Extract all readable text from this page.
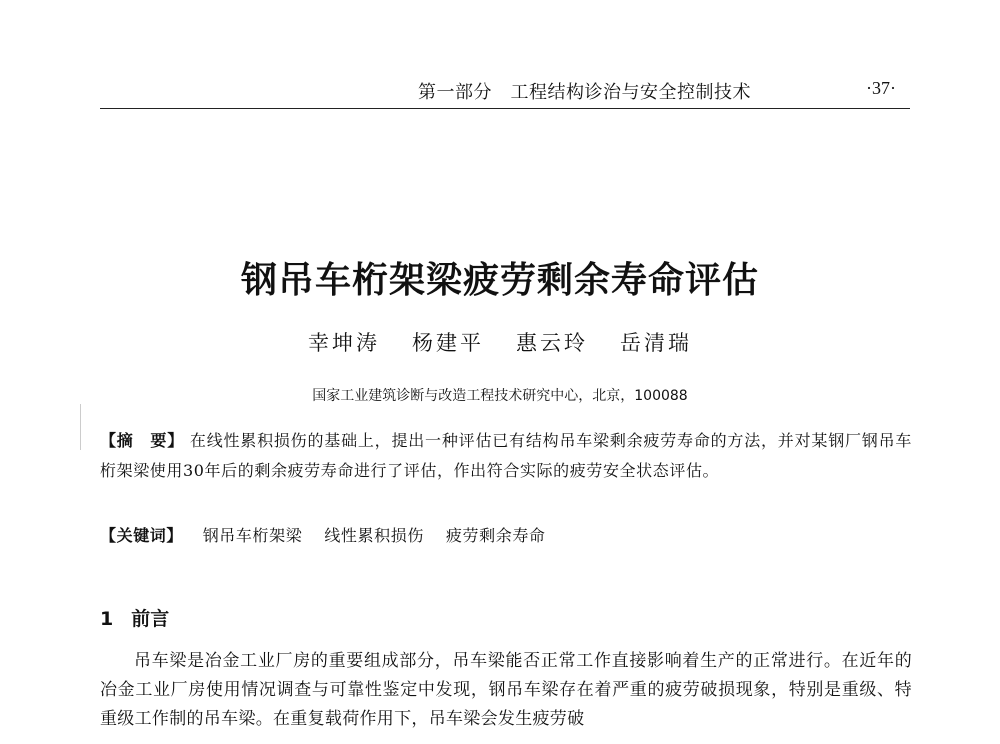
第一部分　工程结构诊治与安全控制技术	·37·
钢吊车桁架梁疲劳剩余寿命评估
幸坤涛 杨建平 惠云玲 岳清瑞
国家工业建筑诊断与改造工程技术研究中心，北京，100088
【摘　要】 在线性累积损伤的基础上，提出一种评估已有结构吊车梁剩余疲劳寿命的方法，并对某钢厂钢吊车桁架梁使用30年后的剩余疲劳寿命进行了评估，作出符合实际的疲劳安全状态评估。
【关键词】 钢吊车桁架梁 线性累积损伤 疲劳剩余寿命
1 前言
吊车梁是冶金工业厂房的重要组成部分，吊车梁能否正常工作直接影响着生产的正常进行。在近年的冶金工业厂房使用情况调查与可靠性鉴定中发现，钢吊车梁存在着严重的疲劳破损现象，特别是重级、特重级工作制的吊车梁。在重复载荷作用下，吊车梁会发生疲劳破
